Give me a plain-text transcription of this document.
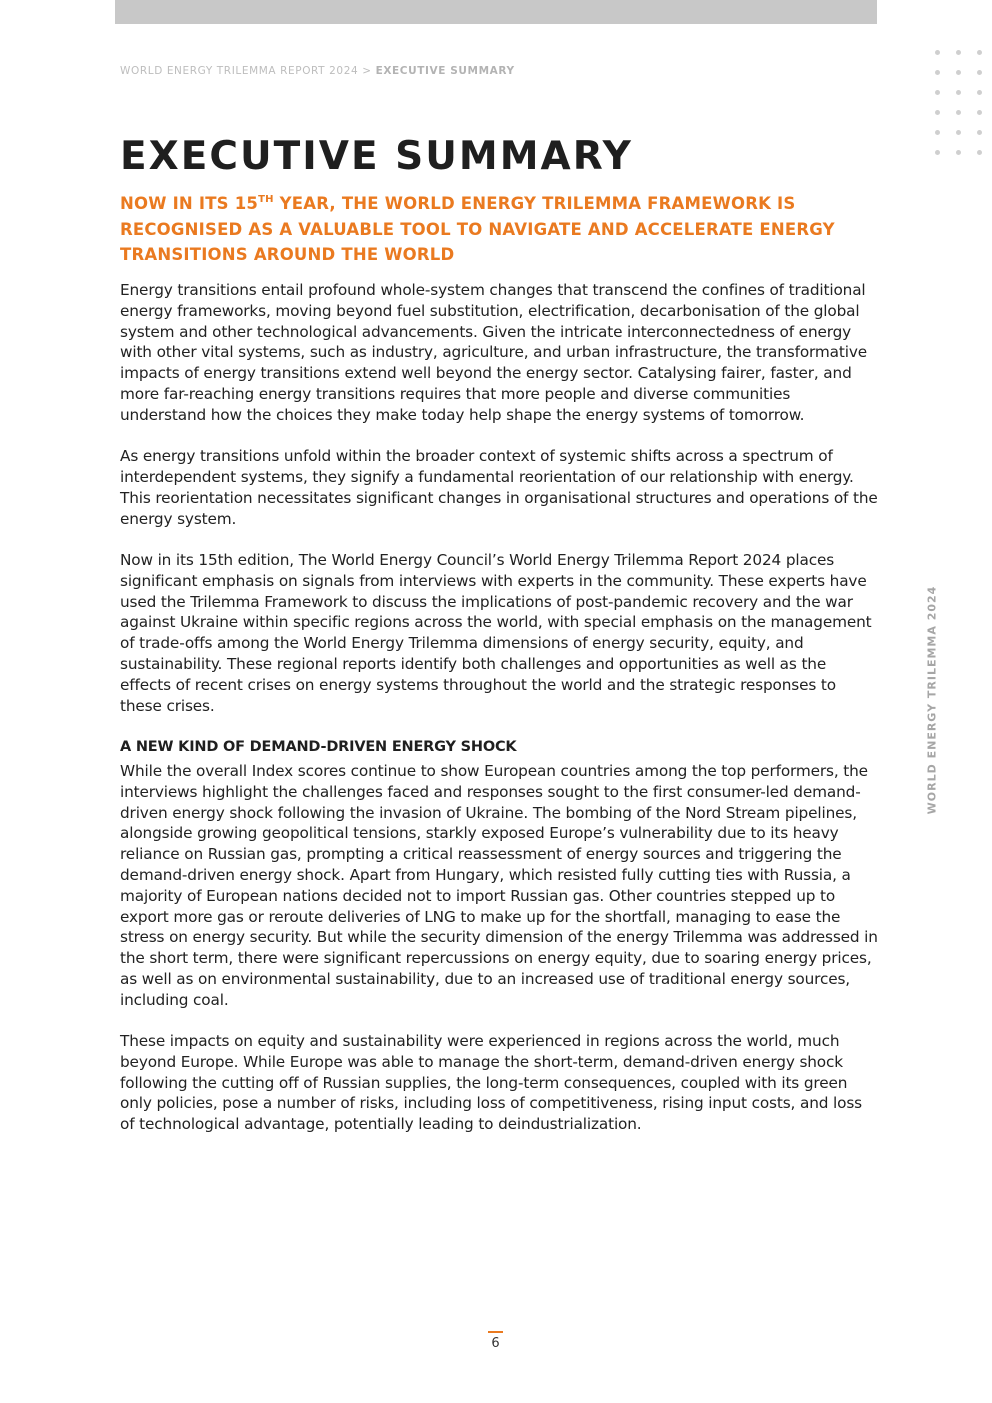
WORLD ENERGY TRILEMMA REPORT 2024 > EXECUTIVE SUMMARY
EXECUTIVE SUMMARY

NOW IN ITS 15TH YEAR, THE WORLD ENERGY TRILEMMA FRAMEWORK IS RECOGNISED AS A VALUABLE TOOL TO NAVIGATE AND ACCELERATE ENERGY TRANSITIONS AROUND THE WORLD

Energy transitions entail profound whole-system changes that transcend the confines of traditional energy frameworks, moving beyond fuel substitution, electrification, decarbonisation of the global system and other technological advancements. Given the intricate interconnectedness of energy with other vital systems, such as industry, agriculture, and urban infrastructure, the transformative impacts of energy transitions extend well beyond the energy sector. Catalysing fairer, faster, and more far-reaching energy transitions requires that more people and diverse communities understand how the choices they make today help shape the energy systems of tomorrow.

As energy transitions unfold within the broader context of systemic shifts across a spectrum of interdependent systems, they signify a fundamental reorientation of our relationship with energy. This reorientation necessitates significant changes in organisational structures and operations of the energy system.

Now in its 15th edition, The World Energy Council’s World Energy Trilemma Report 2024 places significant emphasis on signals from interviews with experts in the community. These experts have used the Trilemma Framework to discuss the implications of post-pandemic recovery and the war against Ukraine within specific regions across the world, with special emphasis on the management of trade-offs among the World Energy Trilemma dimensions of energy security, equity, and sustainability. These regional reports identify both challenges and opportunities as well as the effects of recent crises on energy systems throughout the world and the strategic responses to these crises.

A NEW KIND OF DEMAND-DRIVEN ENERGY SHOCK

While the overall Index scores continue to show European countries among the top performers, the interviews highlight the challenges faced and responses sought to the first consumer-led demand-driven energy shock following the invasion of Ukraine. The bombing of the Nord Stream pipelines, alongside growing geopolitical tensions, starkly exposed Europe’s vulnerability due to its heavy reliance on Russian gas, prompting a critical reassessment of energy sources and triggering the demand-driven energy shock. Apart from Hungary, which resisted fully cutting ties with Russia, a majority of European nations decided not to import Russian gas. Other countries stepped up to export more gas or reroute deliveries of LNG to make up for the shortfall, managing to ease the stress on energy security. But while the security dimension of the energy Trilemma was addressed in the short term, there were significant repercussions on energy equity, due to soaring energy prices, as well as on environmental sustainability, due to an increased use of traditional energy sources, including coal.

These impacts on equity and sustainability were experienced in regions across the world, much beyond Europe. While Europe was able to manage the short-term, demand-driven energy shock following the cutting off of Russian supplies, the long-term consequences, coupled with its green only policies, pose a number of risks, including loss of competitiveness, rising input costs, and loss of technological advantage, potentially leading to deindustrialization.

WORLD ENERGY TRILEMMA 2024
6
